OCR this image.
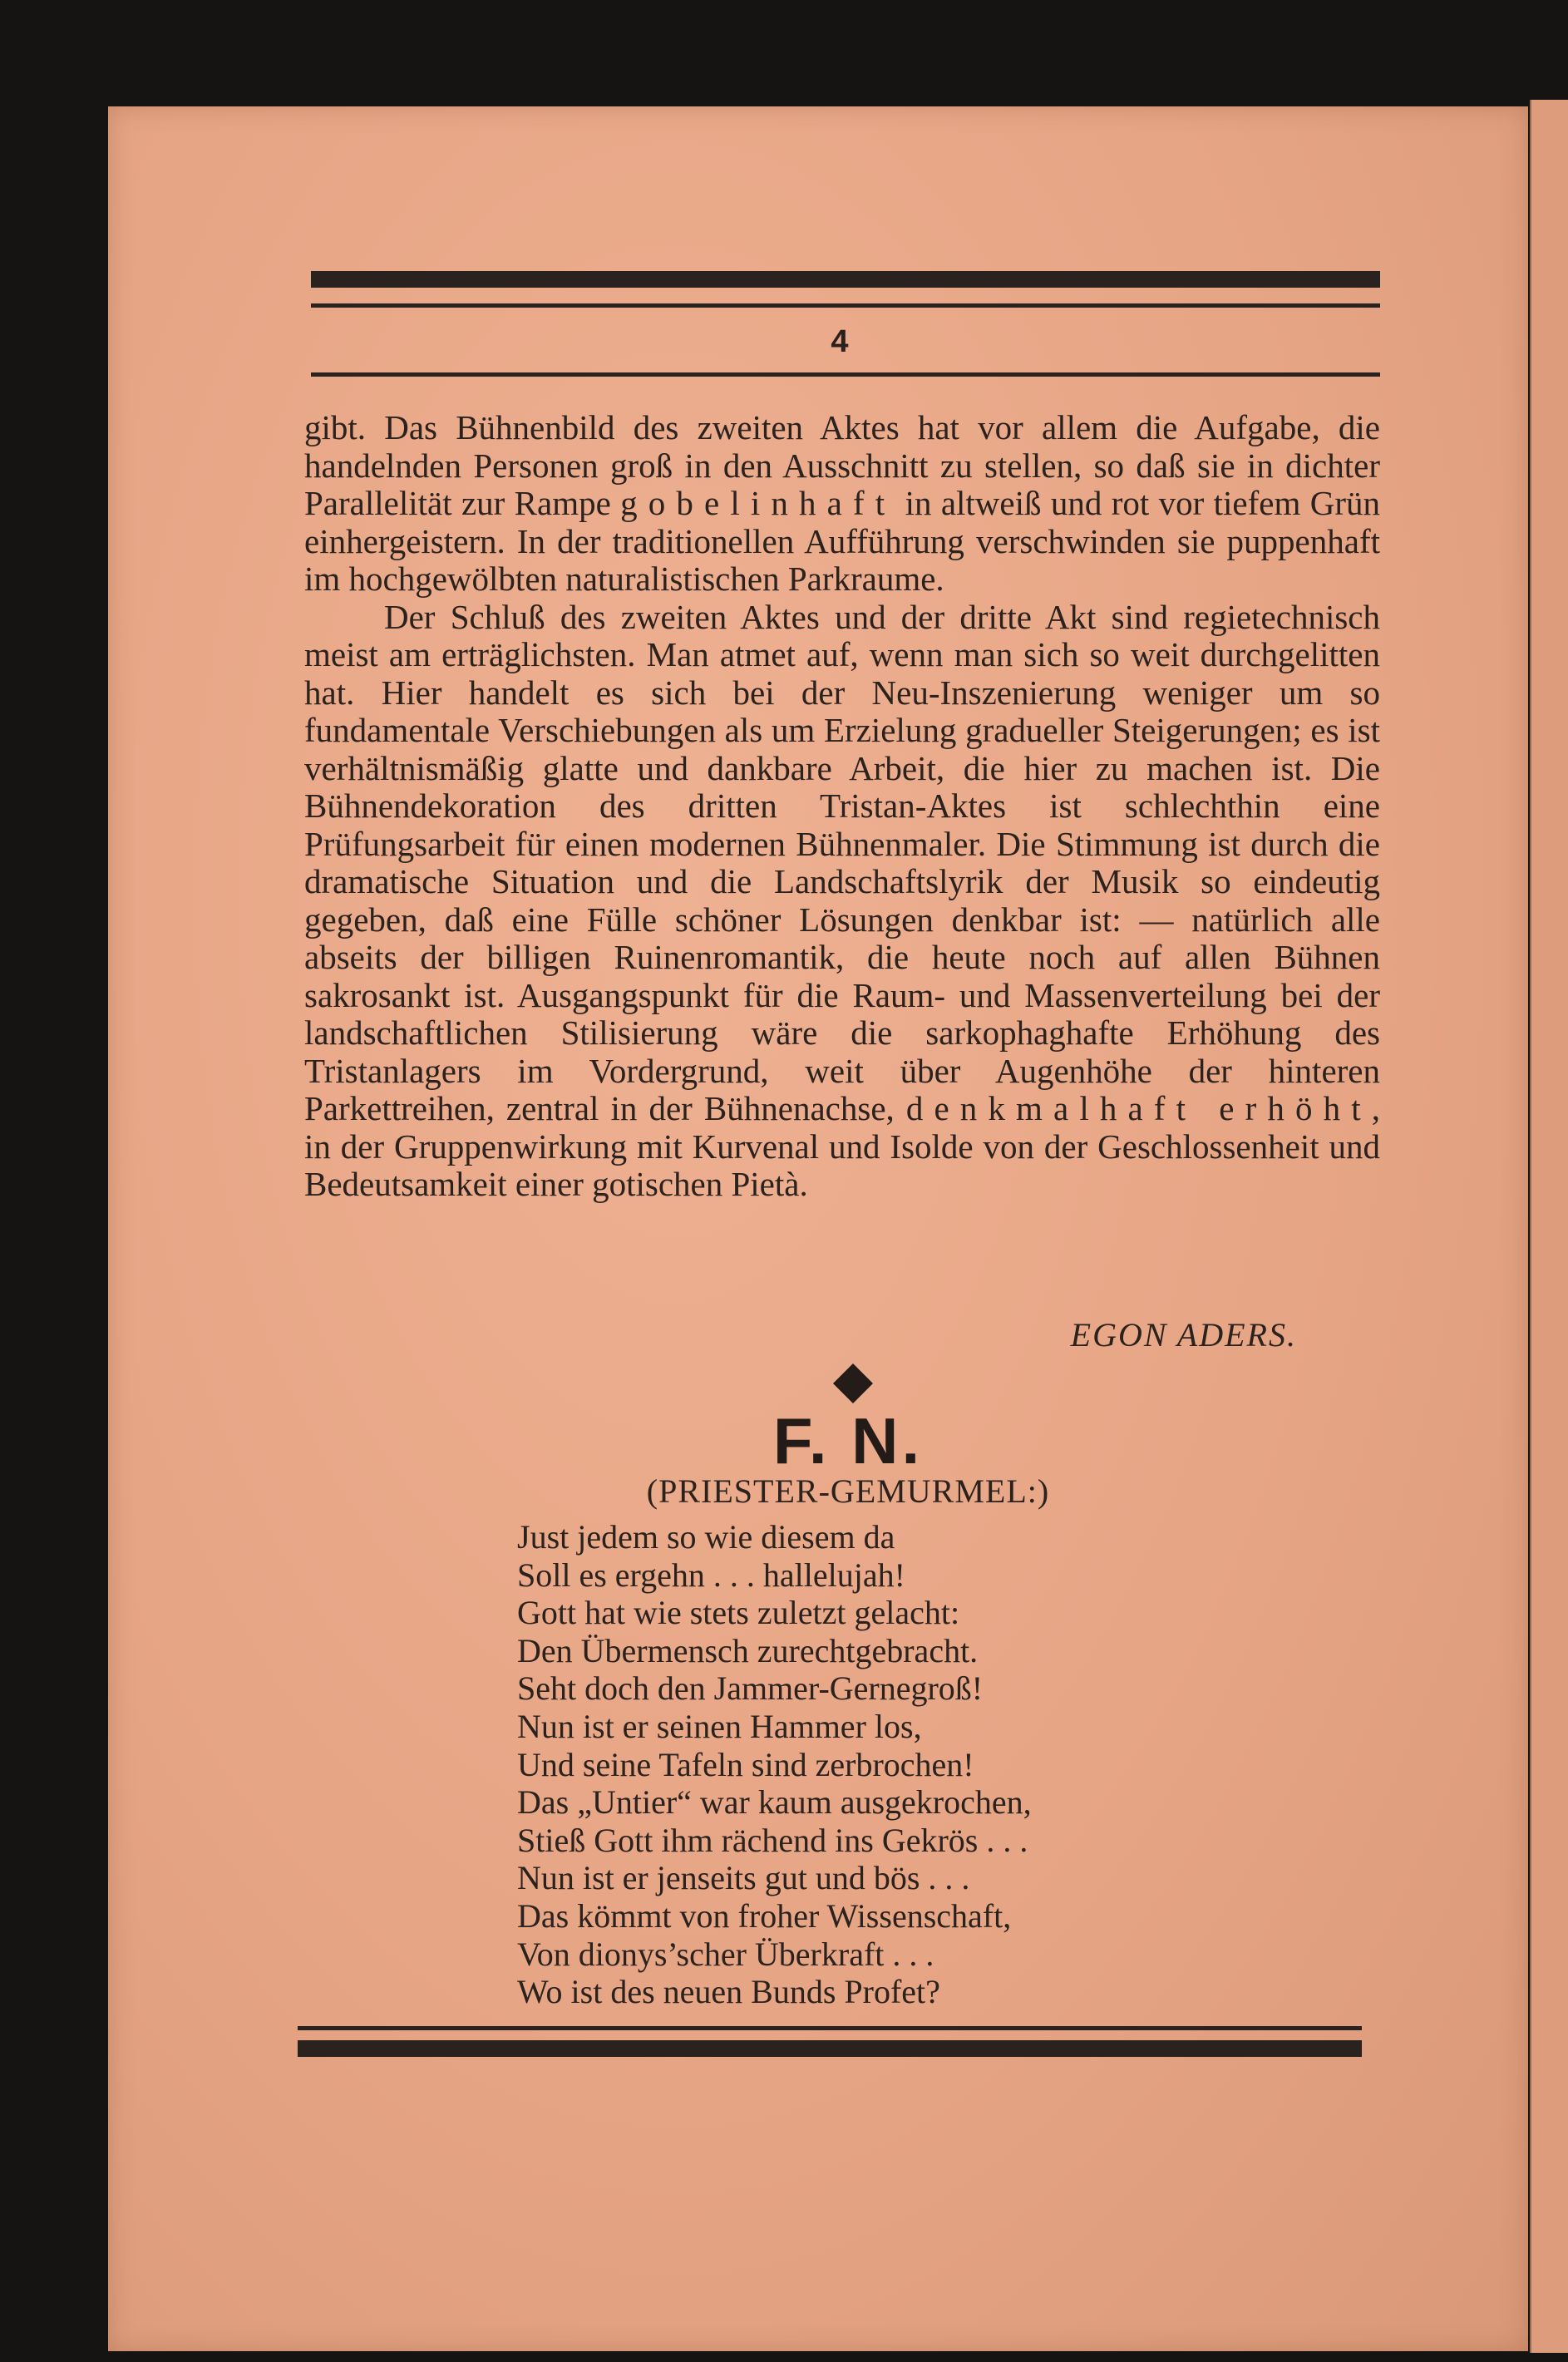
4

gibt. Das Bühnenbild des zweiten Aktes hat vor allem die Aufgabe, die handelnden Personen groß in den Ausschnitt zu stellen, so daß sie in dichter Parallelität zur Rampe gobelinhaft in altweiß und rot vor tiefem Grün einhergeistern. In der traditionellen Aufführung verschwinden sie puppenhaft im hochgewölbten naturalistischen Parkraume.

Der Schluß des zweiten Aktes und der dritte Akt sind regietechnisch meist am erträglichsten. Man atmet auf, wenn man sich so weit durchgelitten hat. Hier handelt es sich bei der Neu-Inszenierung weniger um so fundamentale Verschiebungen als um Erzielung gradueller Steigerungen; es ist verhältnismäßig glatte und dankbare Arbeit, die hier zu machen ist. Die Bühnendekoration des dritten Tristan-Aktes ist schlechthin eine Prüfungsarbeit für einen modernen Bühnenmaler. Die Stimmung ist durch die dramatische Situation und die Landschaftslyrik der Musik so eindeutig gegeben, daß eine Fülle schöner Lösungen denkbar ist: — natürlich alle abseits der billigen Ruinenromantik, die heute noch auf allen Bühnen sakrosankt ist. Ausgangspunkt für die Raum- und Massenverteilung bei der landschaftlichen Stilisierung wäre die sarkophaghafte Erhöhung des Tristanlagers im Vordergrund, weit über Augenhöhe der hinteren Parkettreihen, zentral in der Bühnenachse, denkmalhaft erhöht, in der Gruppenwirkung mit Kurvenal und Isolde von der Geschlossenheit und Bedeutsamkeit einer gotischen Pietà.

EGON ADERS.
F. N.
(PRIESTER-GEMURMEL:)
Just jedem so wie diesem da
Soll es ergehn . . . hallelujah!
Gott hat wie stets zuletzt gelacht:
Den Übermensch zurechtgebracht.
Seht doch den Jammer-Gernegroß!
Nun ist er seinen Hammer los,
Und seine Tafeln sind zerbrochen!
Das „Untier“ war kaum ausgekrochen,
Stieß Gott ihm rächend ins Gekrös . . .
Nun ist er jenseits gut und bös . . .
Das kömmt von froher Wissenschaft,
Von dionys’scher Überkraft . . .
Wo ist des neuen Bunds Profet?
